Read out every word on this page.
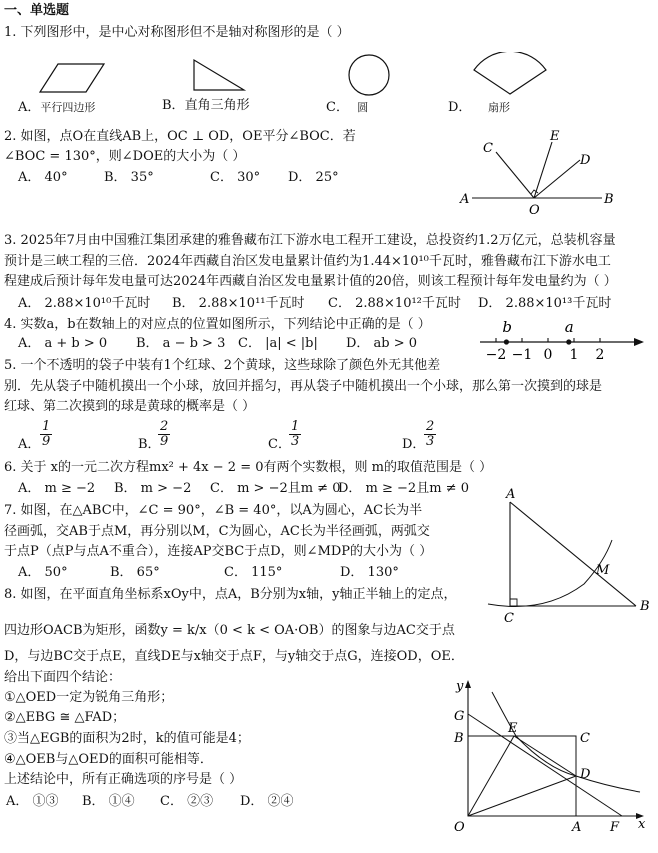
一、单选题
1. 下列图形中，是中心对称图形但不是轴对称图形的是（ ）
A．平行四边形	B．直角三角形	C． 圆	D． 扇形
2. 如图，点O在直线AB上，OC ⊥ OD，OE平分∠BOC．若
∠BOC = 130°，则∠DOE的大小为（ ）
A． 40°	B． 35°	C． 30° D． 25°
A	B
O
C
E
D
3. 2025年7月由中国雅江集团承建的雅鲁藏布江下游水电工程开工建设，总投资约1.2万亿元，总装机容量
预计是三峡工程的三倍．2024年西藏自治区发电量累计值约为1.44×10¹⁰千瓦时，雅鲁藏布江下游水电工
程建成后预计每年发电量可达2024年西藏自治区发电量累计值的20倍，则该工程预计每年发电量约为（ ）
A． 2.88×10¹⁰千瓦时 B． 2.88×10¹¹千瓦时 C． 2.88×10¹²千瓦时 D． 2.88×10¹³千瓦时
4. 实数a，b在数轴上的对应点的位置如图所示，下列结论中正确的是（ ）
A． a + b > 0 B． a − b > 3 C． |a| < |b| D． ab > 0
−2 −1 0 1 2
a
b
5. 一个不透明的袋子中装有1个红球、2个黄球，这些球除了颜色外无其他差
别．先从袋子中随机摸出一个小球，放回并摇匀，再从袋子中随机摸出一个小球，那么第一次摸到的球是
红球、第二次摸到的球是黄球的概率是（ ）
A． $\frac{1}{9}$	B．
$\frac{2}{9}$	C．
$\frac{1}{3}$	D．
$\frac{2}{3}$
6. 关于 x的一元二次方程mx² + 4x − 2 = 0有两个实数根，则 m的取值范围是（ ）
A． m ≥ −2 B． m > −2 C． m > −2且m ≠ 0
D． m ≥ −2且m ≠ 0
7. 如图，在△ABC中，∠C = 90°，∠B = 40°，以A为圆心，AC长为半
径画弧，交AB于点M，再分别以M，C为圆心，AC长为半径画弧，两弧交
于点P（点P与点A不重合），连接AP交BC于点D，则∠MDP的大小为（ ）
A． 50°	B． 65°	C． 115°	D． 130°
A
B
C
M
8. 如图，在平面直角坐标系xOy中，点A，B分别为x轴，y轴正半轴上的定点，
四边形OACB为矩形，函数y = k/x（0 < k < OA·OB）的图象与边AC交于点
D，与边BC交于点E，直线DE与x轴交于点F，与y轴交于点G，连接OD，OE．
给出下面四个结论：
①△OED一定为锐角三角形；
②△EBG ≅ △FAD；
③当△EGB的面积为2时，k的值可能是4；
④△OEB与△OED的面积可能相等．
上述结论中，所有正确选项的序号是（ ）
A． ①③ B． ①④ C． ②③ D． ②④
y
x
O	A F
B	C
G
E
D
